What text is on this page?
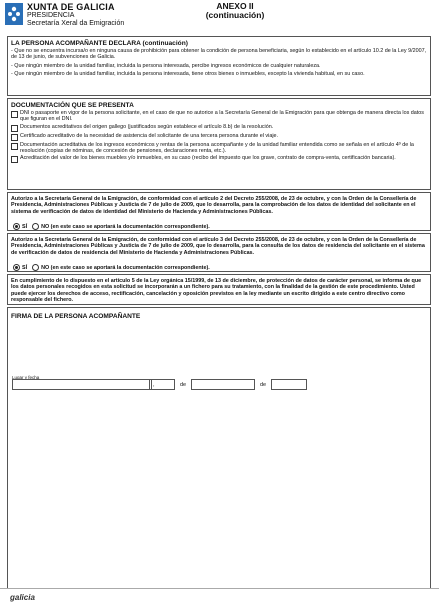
XUNTA DE GALICIA
PRESIDENCIA
Secretaría Xeral da Emigración
ANEXO II
(continuación)
LA PERSONA ACOMPAÑANTE DECLARA (continuación)
- Que no se encuentra incursa/o en ninguna causa de prohibición para obtener la condición de persona beneficiaria, según lo establecido en el artículo 10.2 de la Ley 9/2007, de 13 de junio, de subvenciones de Galicia.
- Que ningún miembro de la unidad familiar, incluida la persona interesada, percibe ingresos económicos de cualquier naturaleza.
- Que ningún miembro de la unidad familiar, incluida la persona interesada, tiene otros bienes o inmuebles, excepto la vivienda habitual, en su caso.
DOCUMENTACIÓN QUE SE PRESENTA
DNI o pasaporte en vigor de la persona solicitante, en el caso de que no autorice a la Secretaría General de la Emigración para que obtenga de manera directa los datos que figuran en el DNI.
Documentos acreditativos del origen gallego (justificados según establece el artículo 8.b) de la resolución.
Certificado acreditativo de la necesidad de asistencia del solicitante de una tercera persona durante el viaje.
Documentación acreditativa de los ingresos económicos y rentas de la persona acompañante y de la unidad familiar entendida como se señala en el artículo 4º de la resolución (copias de nóminas, de concesión de pensiones, declaraciones renta, etc.).
Acreditación del valor de los bienes muebles y/o inmuebles, en su caso (recibo del impuesto que los grave, contrato de compra-venta, certificación bancaria).
Autorizo a la Secretaría General de la Emigración, de conformidad con el artículo 2 del Decreto 255/2008, de 23 de octubre, y con la Orden de la Consellería de Presidencia, Administraciones Públicas y Justicia de 7 de julio de 2009, que lo desarrolla, para la comprobación de los datos de identidad del solicitante en el sistema de verificación de datos de identidad del Ministerio de Hacienda y Administraciones Públicas.
SÍ	NO (en este caso se aportará la documentación correspondiente).
Autorizo a la Secretaría General de la Emigración, de conformidad con el artículo 3 del Decreto 255/2008, de 23 de octubre, y con la Orden de la Consellería de Presidencia, Administraciones Públicas y Justicia de 7 de julio de 2009, que lo desarrolla, para la consulta de los datos de residencia del solicitante en el sistema de verificación de datos de residencia del Ministerio de Hacienda y Administraciones Públicas.
SÍ	NO (en este caso se aportará la documentación correspondiente).
En cumplimiento de lo dispuesto en el artículo 5 de la Ley orgánica 15/1999, de 13 de diciembre, de protección de datos de carácter personal, se informa de que los datos personales recogidos en esta solicitud se incorporarán a un fichero para su tratamiento, con la finalidad de la gestión de este procedimiento. Usted puede ejercer los derechos de acceso, rectificación, cancelación y oposición previstos en la ley mediante un escrito dirigido a este centro directivo como responsable del fichero.
FIRMA DE LA PERSONA ACOMPAÑANTE
Lugar y fecha
,	de	de
galicia
